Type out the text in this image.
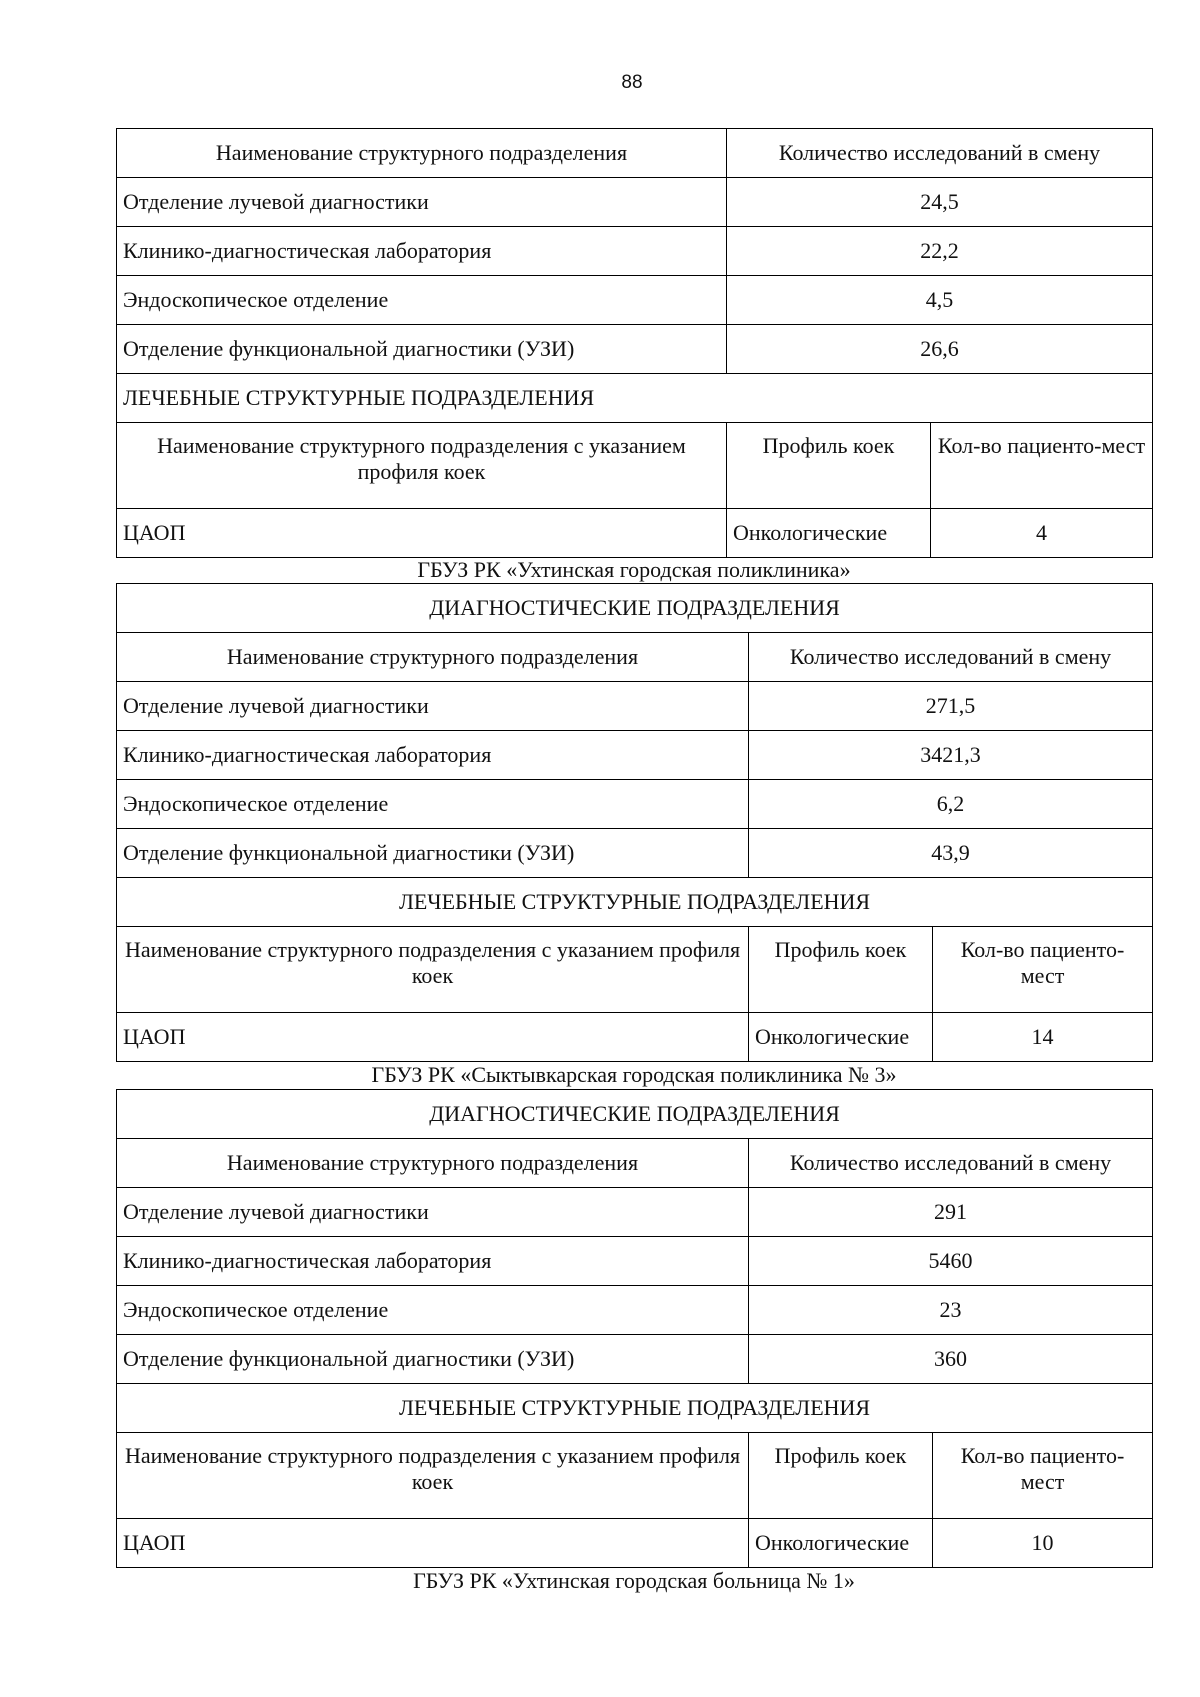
88
Наименование структурного подразделения	Количество исследований в смену	
Отделение лучевой диагностики	24,5	
Клинико-диагностическая лаборатория	22,2	
Эндоскопическое отделение	4,5	
Отделение функциональной диагностики (УЗИ)	26,6	
ЛЕЧЕБНЫЕ СТРУКТУРНЫЕ ПОДРАЗДЕЛЕНИЯ		
Наименование структурного подразделения с указанием профиля коек	Профиль коек	Кол-во пациенто-мест
ЦАОП	Онкологические	4
ГБУЗ РК «Ухтинская городская поликлиника»
ДИАГНОСТИЧЕСКИЕ ПОДРАЗДЕЛЕНИЯ		
Наименование структурного подразделения	Количество исследований в смену	
Отделение лучевой диагностики	271,5	
Клинико-диагностическая лаборатория	3421,3	
Эндоскопическое отделение	6,2	
Отделение функциональной диагностики (УЗИ)	43,9	
ЛЕЧЕБНЫЕ СТРУКТУРНЫЕ ПОДРАЗДЕЛЕНИЯ		
Наименование структурного подразделения с указанием профиля коек	Профиль коек	Кол-во пациенто-мест
ЦАОП	Онкологические	14
ГБУЗ РК «Сыктывкарская городская поликлиника № 3»
ДИАГНОСТИЧЕСКИЕ ПОДРАЗДЕЛЕНИЯ		
Наименование структурного подразделения	Количество исследований в смену	
Отделение лучевой диагностики	291	
Клинико-диагностическая лаборатория	5460	
Эндоскопическое отделение	23	
Отделение функциональной диагностики (УЗИ)	360	
ЛЕЧЕБНЫЕ СТРУКТУРНЫЕ ПОДРАЗДЕЛЕНИЯ		
Наименование структурного подразделения с указанием профиля коек	Профиль коек	Кол-во пациенто-мест
ЦАОП	Онкологические	10
ГБУЗ РК «Ухтинская городская больница № 1»
